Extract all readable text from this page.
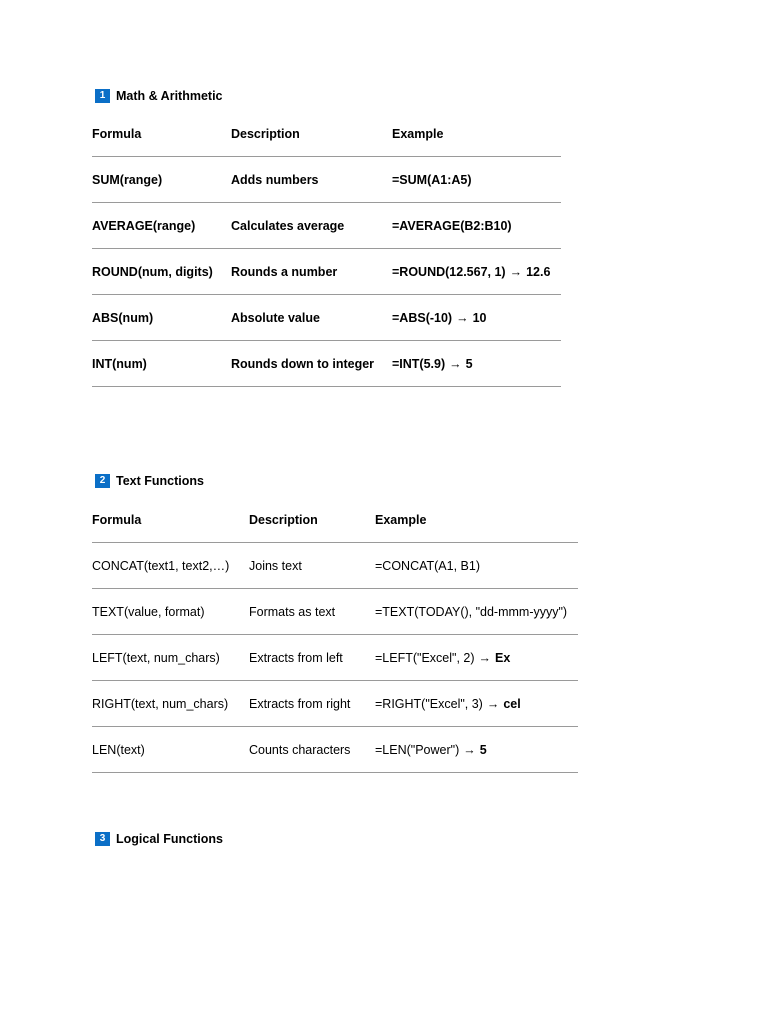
1 Math & Arithmetic
Formula	Description	Example
SUM(range)	Adds numbers	=SUM(A1:A5)
AVERAGE(range)	Calculates average	=AVERAGE(B2:B10)
ROUND(num, digits)	Rounds a number	=ROUND(12.567, 1) → 12.6
ABS(num)	Absolute value	=ABS(-10) → 10
INT(num)	Rounds down to integer	=INT(5.9) → 5
2 Text Functions
Formula	Description	Example
CONCAT(text1, text2,…)	Joins text	=CONCAT(A1, B1)
TEXT(value, format)	Formats as text	=TEXT(TODAY(), "dd-mmm-yyyy")
LEFT(text, num_chars)	Extracts from left	=LEFT("Excel", 2) → Ex
RIGHT(text, num_chars)	Extracts from right	=RIGHT("Excel", 3) → cel
LEN(text)	Counts characters	=LEN("Power") → 5
3 Logical Functions
